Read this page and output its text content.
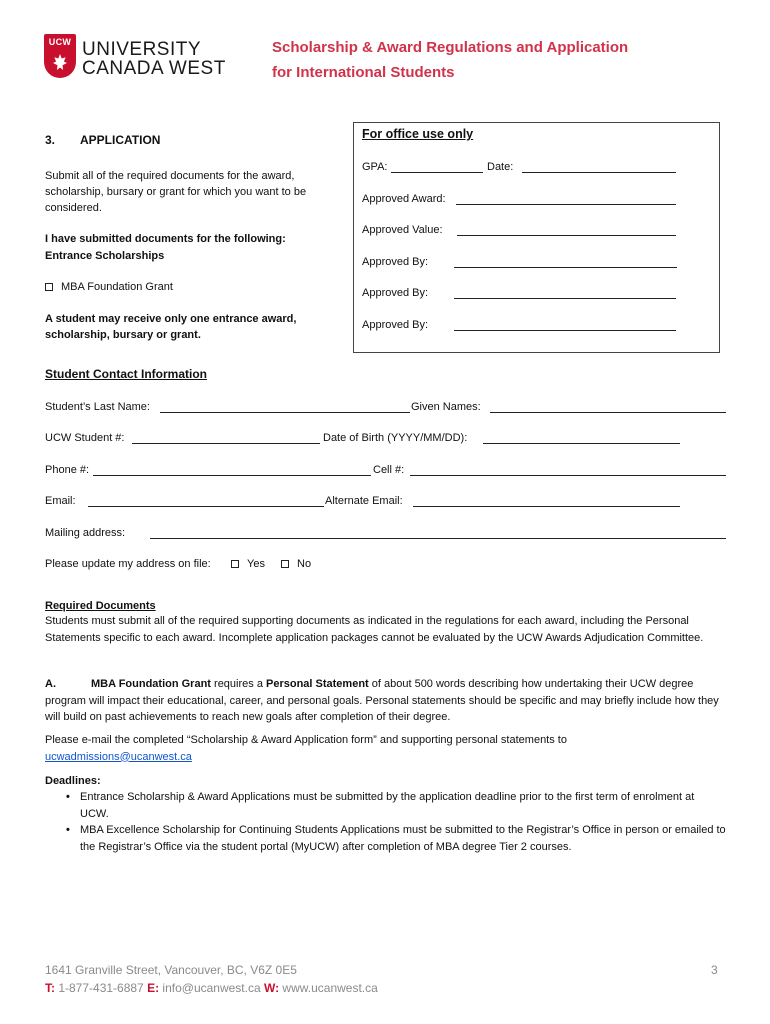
UCW UNIVERSITY
CANADA WEST
Scholarship & Award Regulations and Application
for International Students
3. APPLICATION
Submit all of the required documents for the award, scholarship, bursary or grant for which you want to be considered.
I have submitted documents for the following:
Entrance Scholarships
MBA Foundation Grant
A student may receive only one entrance award, scholarship, bursary or grant.
For office use only
GPA:	Date:
Approved Award:
Approved Value:
Approved By:
Approved By:
Approved By:
Student Contact Information
Student’s Last Name:	Given Names:
UCW Student #:	Date of Birth (YYYY/MM/DD):
Phone #:	Cell #:
Email:	Alternate Email:
Mailing address:
Please update my address on file:	Yes	No
Required Documents
Students must submit all of the required supporting documents as indicated in the regulations for each award, including the Personal Statements specific to each award. Incomplete application packages cannot be evaluated by the UCW Awards Adjudication Committee.
A.	MBA Foundation Grant requires a Personal Statement of about 500 words describing how undertaking their UCW degree program will impact their educational, career, and personal goals. Personal statements should be specific and may briefly include how they will build on past achievements to reach new goals after completion of their degree.
Please e-mail the completed “Scholarship & Award Application form” and supporting personal statements to
ucwadmissions@ucanwest.ca
Deadlines:
• Entrance Scholarship & Award Applications must be submitted by the application deadline prior to the first term of enrolment at UCW.
• MBA Excellence Scholarship for Continuing Students Applications must be submitted to the Registrar’s Office in person or emailed to the Registrar’s Office via the student portal (MyUCW) after completion of MBA degree Tier 2 courses.
1641 Granville Street, Vancouver, BC, V6Z 0E5
T: 1-877-431-6887 E: info@ucanwest.ca W: www.ucanwest.ca
3
